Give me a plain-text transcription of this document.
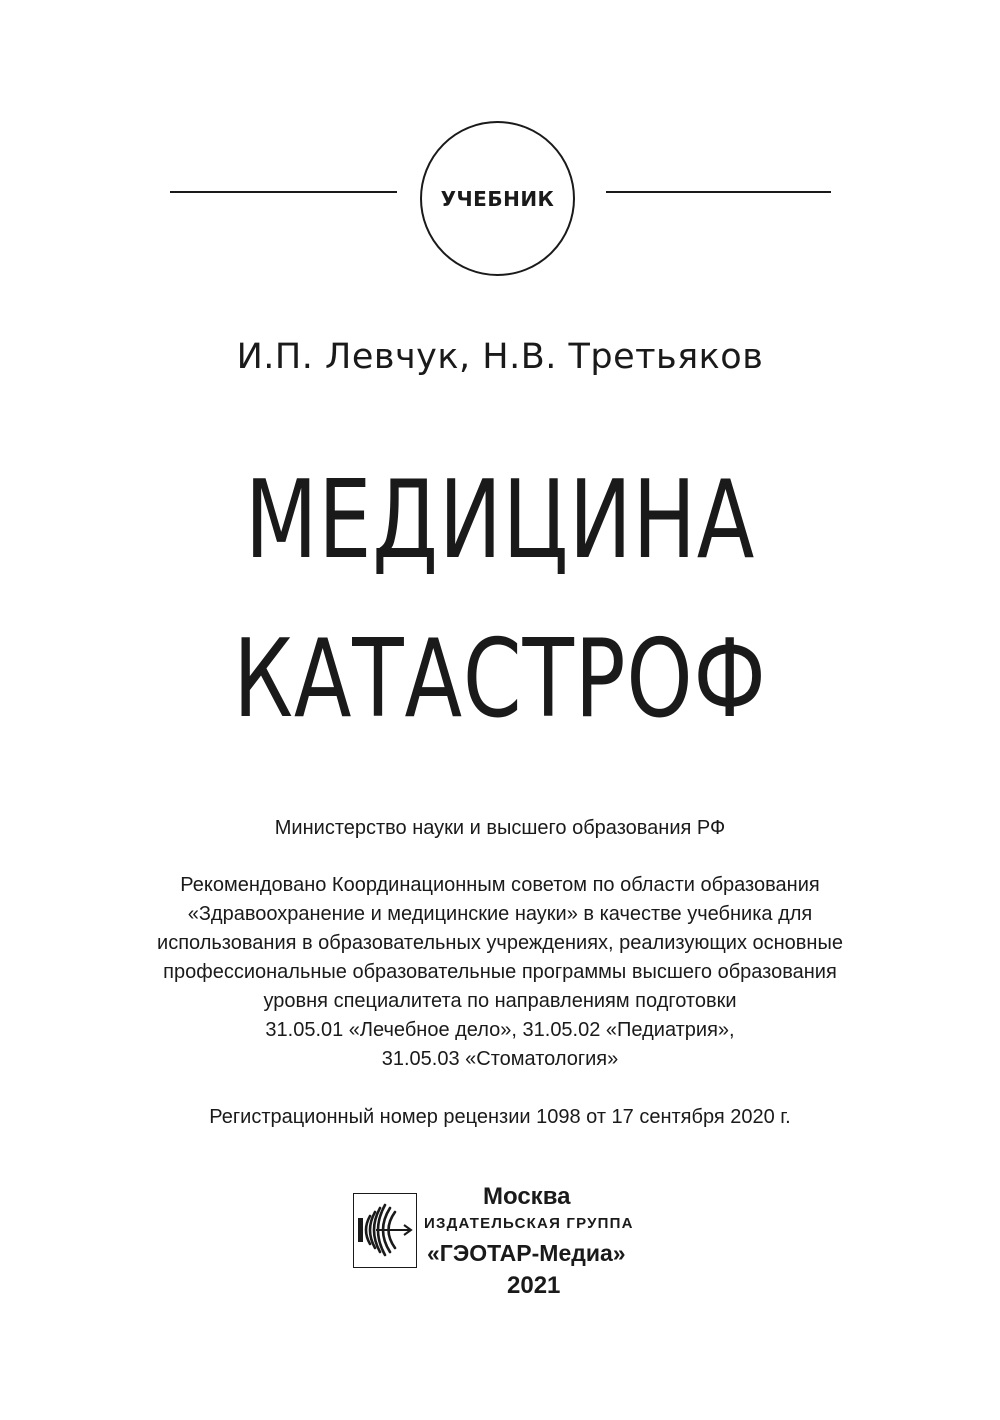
УЧЕБНИК
И.П. Левчук, Н.В. Третьяков
МЕДИЦИНА
КАТАСТРОФ

Министерство науки и высшего образования РФ

Рекомендовано Координационным советом по области образования

«Здравоохранение и медицинские науки» в качестве учебника для

использования в образовательных учреждениях, реализующих основные

профессиональные образовательные программы высшего образования

уровня специалитета по направлениям подготовки

31.05.01 «Лечебное дело», 31.05.02 «Педиатрия»,

31.05.03 «Стоматология»

Регистрационный номер рецензии 1098 от 17 сентября 2020 г.

Москва
ИЗДАТЕЛЬСКАЯ ГРУППА
«ГЭОТАР-Медиа»
2021
